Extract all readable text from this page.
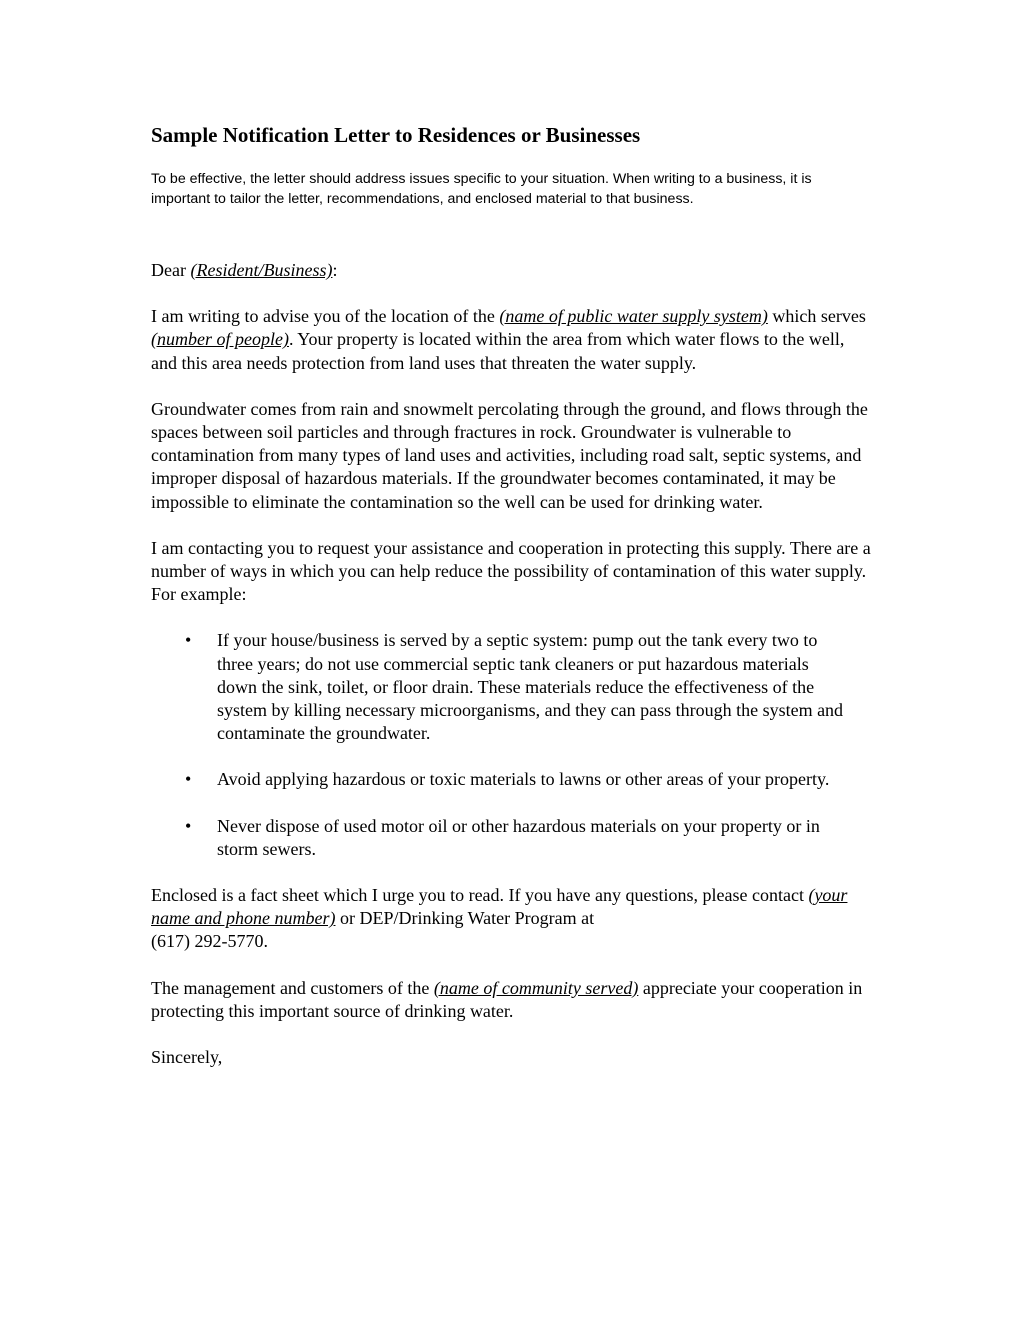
Sample Notification Letter to Residences or Businesses

To be effective, the letter should address issues specific to your situation. When writing to a business, it is important to tailor the letter, recommendations, and enclosed material to that business.

Dear (Resident/Business):

I am writing to advise you of the location of the (name of public water supply system) which serves (number of people). Your property is located within the area from which water flows to the well, and this area needs protection from land uses that threaten the water supply.

Groundwater comes from rain and snowmelt percolating through the ground, and flows through the spaces between soil particles and through fractures in rock. Groundwater is vulnerable to contamination from many types of land uses and activities, including road salt, septic systems, and improper disposal of hazardous materials. If the groundwater becomes contaminated, it may be impossible to eliminate the contamination so the well can be used for drinking water.

I am contacting you to request your assistance and cooperation in protecting this supply. There are a number of ways in which you can help reduce the possibility of contamination of this water supply. For example:

• If your house/business is served by a septic system: pump out the tank every two to three years; do not use commercial septic tank cleaners or put hazardous materials down the sink, toilet, or floor drain. These materials reduce the effectiveness of the system by killing necessary microorganisms, and they can pass through the system and contaminate the groundwater.
• Avoid applying hazardous or toxic materials to lawns or other areas of your property.
• Never dispose of used motor oil or other hazardous materials on your property or in storm sewers.

Enclosed is a fact sheet which I urge you to read. If you have any questions, please contact (your name and phone number) or DEP/Drinking Water Program at
(617) 292-5770.

The management and customers of the (name of community served) appreciate your cooperation in protecting this important source of drinking water.

Sincerely,
